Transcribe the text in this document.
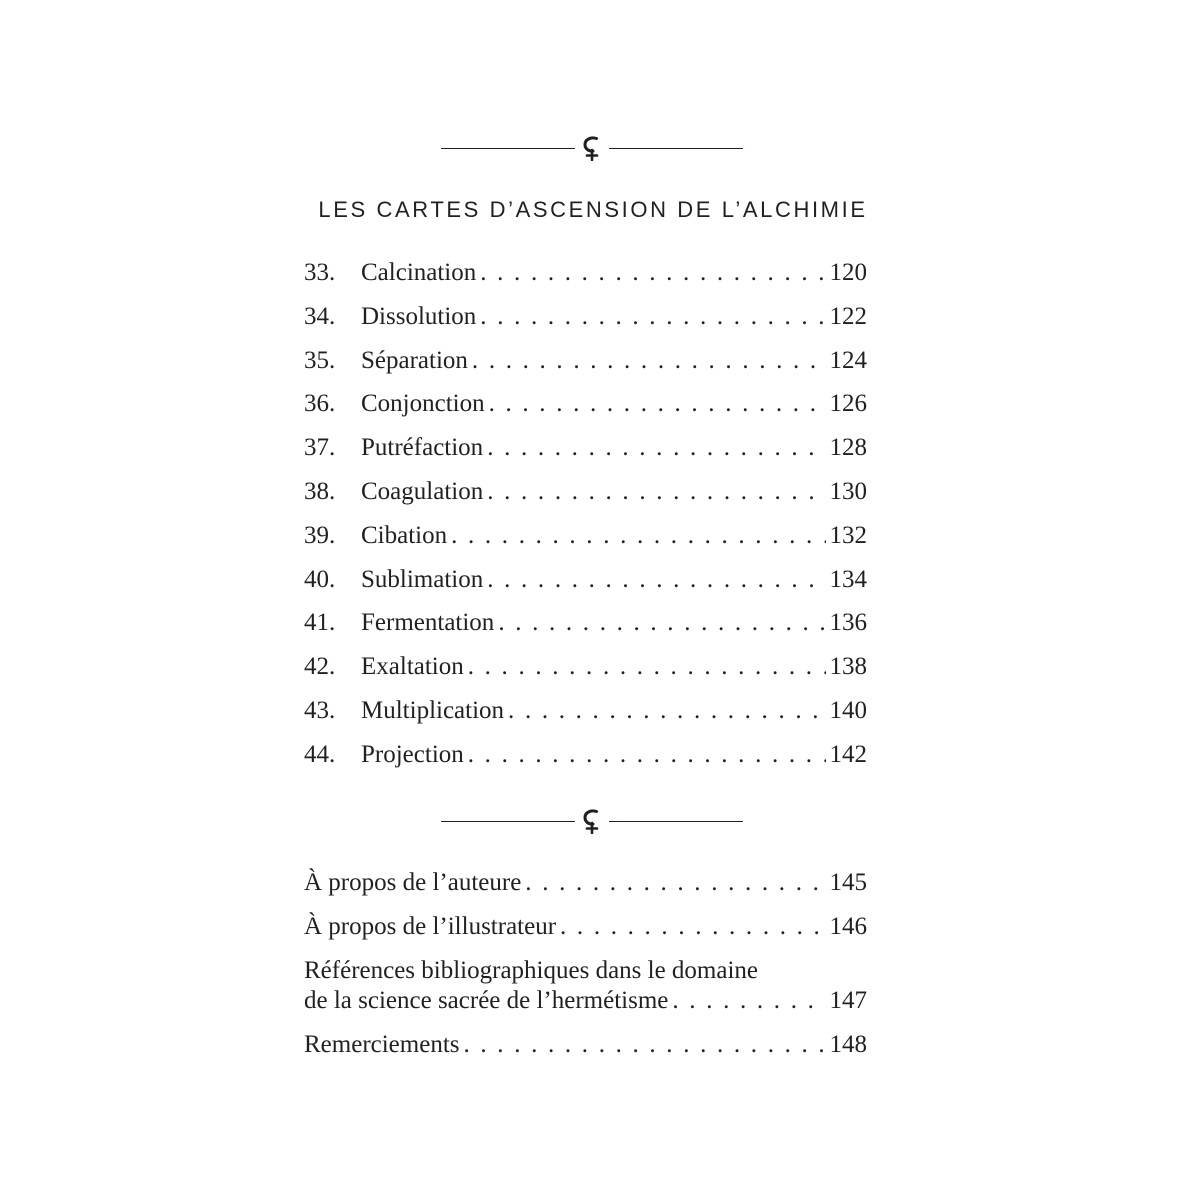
LES CARTES D’ASCENSION DE L’ALCHIMIE
33.	Calcination . . .	120
34.	Dissolution . . .	122
35.	Séparation . . .	124
36.	Conjonction . . .	126
37.	Putréfaction . . .	128
38.	Coagulation . . .	130
39.	Cibation . . .	132
40.	Sublimation . . .	134
41.	Fermentation . . .	136
42.	Exaltation . . .	138
43.	Multiplication . . .	140
44.	Projection . . .	142
À propos de l’auteure . . .	145
À propos de l’illustrateur . . .	146
Références bibliographiques dans le domaine
de la science sacrée de l’hermétisme . . .	147
Remerciements . . .	148
